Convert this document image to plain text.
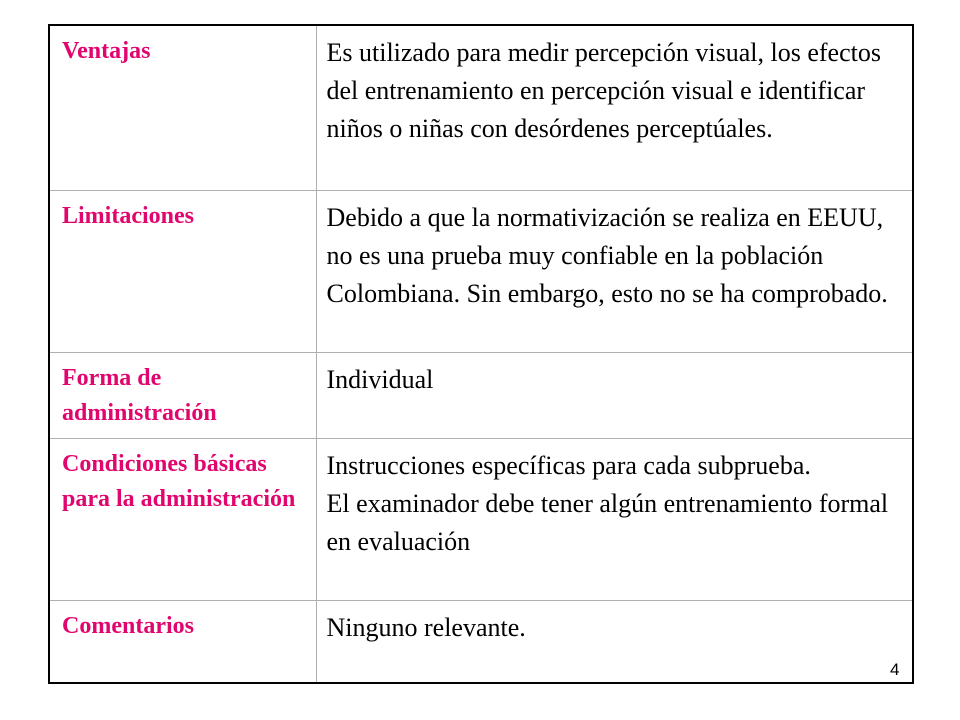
Ventajas	Es utilizado para medir percepción visual, los efectos del entrenamiento en percepción visual e identificar niños o niñas con desórdenes perceptúales.

Limitaciones	Debido a que la normativización se realiza en EEUU, no es una prueba muy confiable en la población Colombiana. Sin embargo, esto no se ha comprobado.

Forma de administración	Individual

Condiciones básicas para la administración	Instrucciones específicas para cada subprueba.

El examinador debe tener algún entrenamiento formal en evaluación

Comentarios	Ninguno relevante.

4
